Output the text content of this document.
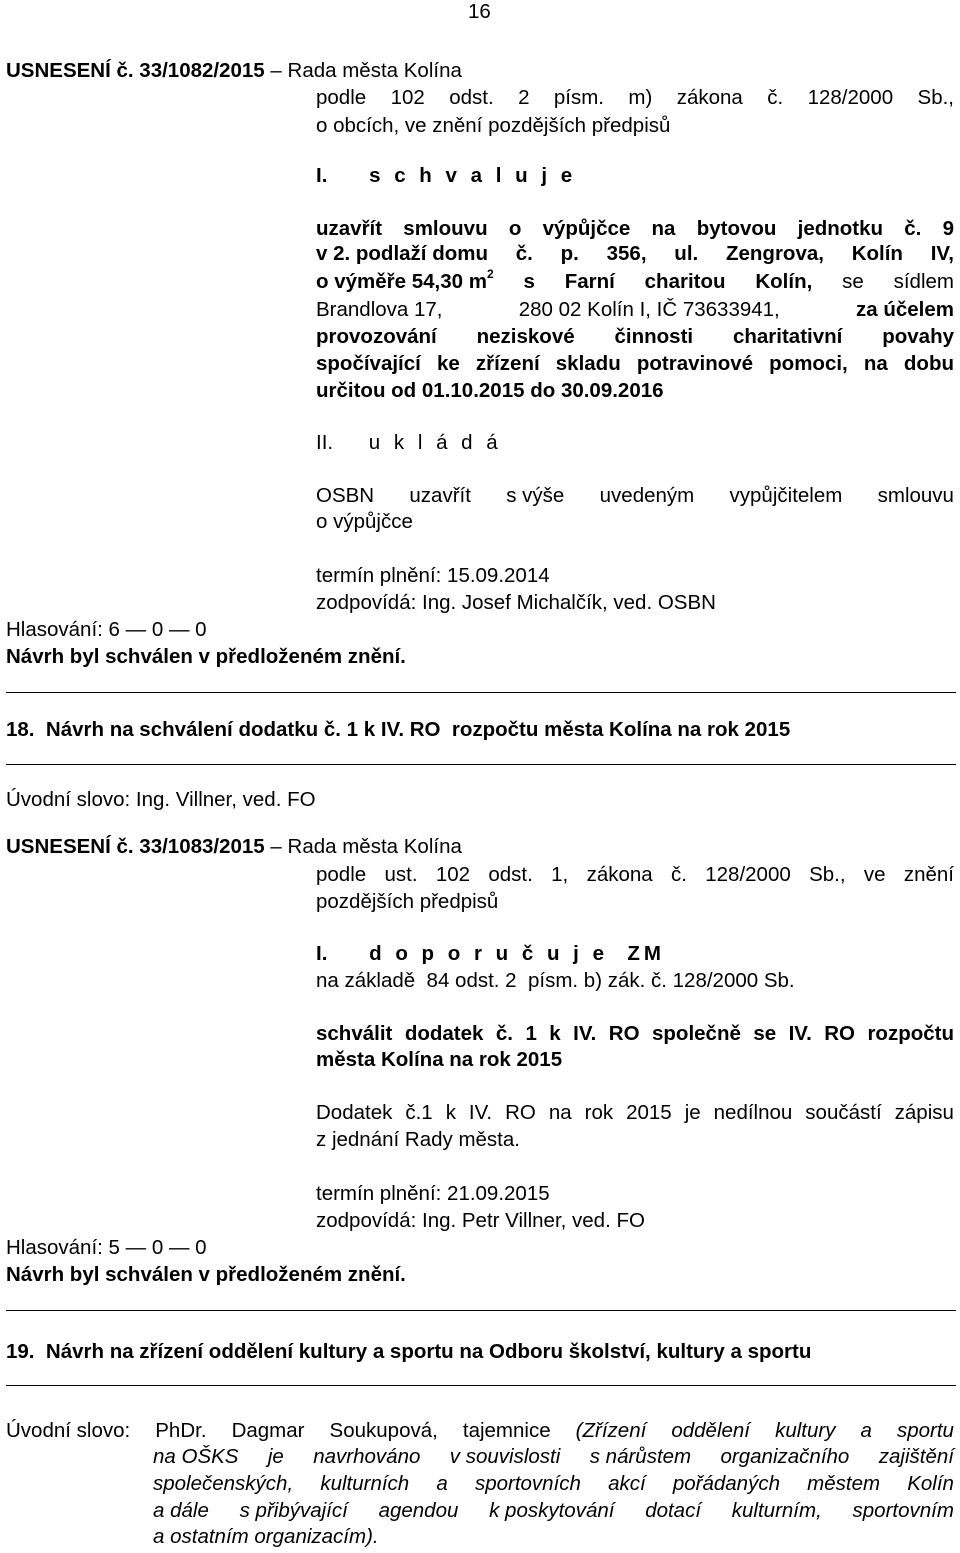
16
USNESENÍ č. 33/1082/2015 – Rada města Kolína
podle 102 odst. 2 písm. m) zákona č. 128/2000 Sb.,
o obcích, ve znění pozdějších předpisů
I. s c h v a l u j e
uzavřít smlouvu o výpůjčce na bytovou jednotku č. 9
v 2. podlaží domu č. p. 356, ul. Zengrova, Kolín IV,
o výměře 54,30 $m^2$ s Farní charitou Kolín, se sídlem
Brandlova 17,	280 02 Kolín I, IČ 73633941,	za účelem
provozování neziskové činnosti charitativní povahy
spočívající ke zřízení skladu potravinové pomoci, na dobu
určitou od 01.10.2015 do 30.09.2016
II. u k l á d á
OSBN uzavřít s výše uvedeným vypůjčitelem smlouvu
o výpůjčce
termín plnění: 15.09.2014
zodpovídá: Ing. Josef Michalčík, ved. OSBN
Hlasování: 6 — 0 — 0
Návrh byl schválen v předloženém znění.
18.  Návrh na schválení dodatku č. 1 k IV. RO  rozpočtu města Kolína na rok 2015
Úvodní slovo: Ing. Villner, ved. FO
USNESENÍ č. 33/1083/2015 – Rada města Kolína
podle ust. 102 odst. 1, zákona č. 128/2000 Sb., ve znění
pozdějších předpisů
I. d o p o r u č u j e  ZM
na základě  84 odst. 2  písm. b) zák. č. 128/2000 Sb.
schválit dodatek č. 1 k IV. RO společně se IV. RO rozpočtu
města Kolína na rok 2015
Dodatek č.1 k IV. RO na rok 2015 je nedílnou součástí zápisu
z jednání Rady města.
termín plnění: 21.09.2015
zodpovídá: Ing. Petr Villner, ved. FO
Hlasování: 5 — 0 — 0
Návrh byl schválen v předloženém znění.
19.  Návrh na zřízení oddělení kultury a sportu na Odboru školství, kultury a sportu
Úvodní slovo: PhDr. Dagmar Soukupová, tajemnice (Zřízení oddělení kultury a sportu
na OŠKS je navrhováno v souvislosti s nárůstem organizačního zajištění
společenských, kulturních a sportovních akcí pořádaných městem Kolín
a dále s přibývající agendou k poskytování dotací kulturním, sportovním
a ostatním organizacím).
